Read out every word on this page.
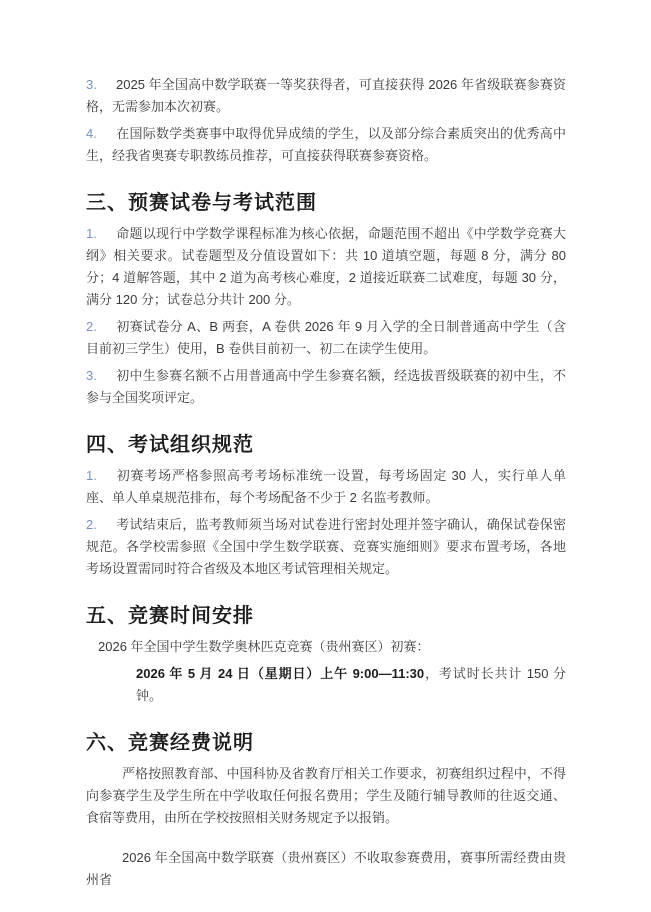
3. 2025 年全国高中数学联赛一等奖获得者，可直接获得 2026 年省级联赛参赛资格，无需参加本次初赛。

4. 在国际数学类赛事中取得优异成绩的学生，以及部分综合素质突出的优秀高中生，经我省奥赛专职教练员推荐，可直接获得联赛参赛资格。

三、预赛试卷与考试范围

1. 命题以现行中学数学课程标准为核心依据，命题范围不超出《中学数学竞赛大纲》相关要求。试卷题型及分值设置如下：共 10 道填空题，每题 8 分，满分 80 分；4 道解答题，其中 2 道为高考核心难度，2 道接近联赛二试难度，每题 30 分，满分 120 分；试卷总分共计 200 分。

2. 初赛试卷分 A、B 两套，A 卷供 2026 年 9 月入学的全日制普通高中学生（含目前初三学生）使用，B 卷供目前初一、初二在读学生使用。

3. 初中生参赛名额不占用普通高中学生参赛名额，经选拔晋级联赛的初中生，不参与全国奖项评定。

四、考试组织规范

1. 初赛考场严格参照高考考场标准统一设置，每考场固定 30 人，实行单人单座、单人单桌规范排布，每个考场配备不少于 2 名监考教师。

2. 考试结束后，监考教师须当场对试卷进行密封处理并签字确认，确保试卷保密规范。各学校需参照《全国中学生数学联赛、竞赛实施细则》要求布置考场，各地考场设置需同时符合省级及本地区考试管理相关规定。

五、竞赛时间安排

2026 年全国中学生数学奥林匹克竞赛（贵州赛区）初赛：

2026 年 5 月 24 日（星期日）上午 9:00—11:30，考试时长共计 150 分钟。

六、竞赛经费说明

严格按照教育部、中国科协及省教育厅相关工作要求，初赛组织过程中，不得向参赛学生及学生所在中学收取任何报名费用；学生及随行辅导教师的往返交通、食宿等费用，由所在学校按照相关财务规定予以报销。

2026 年全国高中数学联赛（贵州赛区）不收取参赛费用，赛事所需经费由贵州省
